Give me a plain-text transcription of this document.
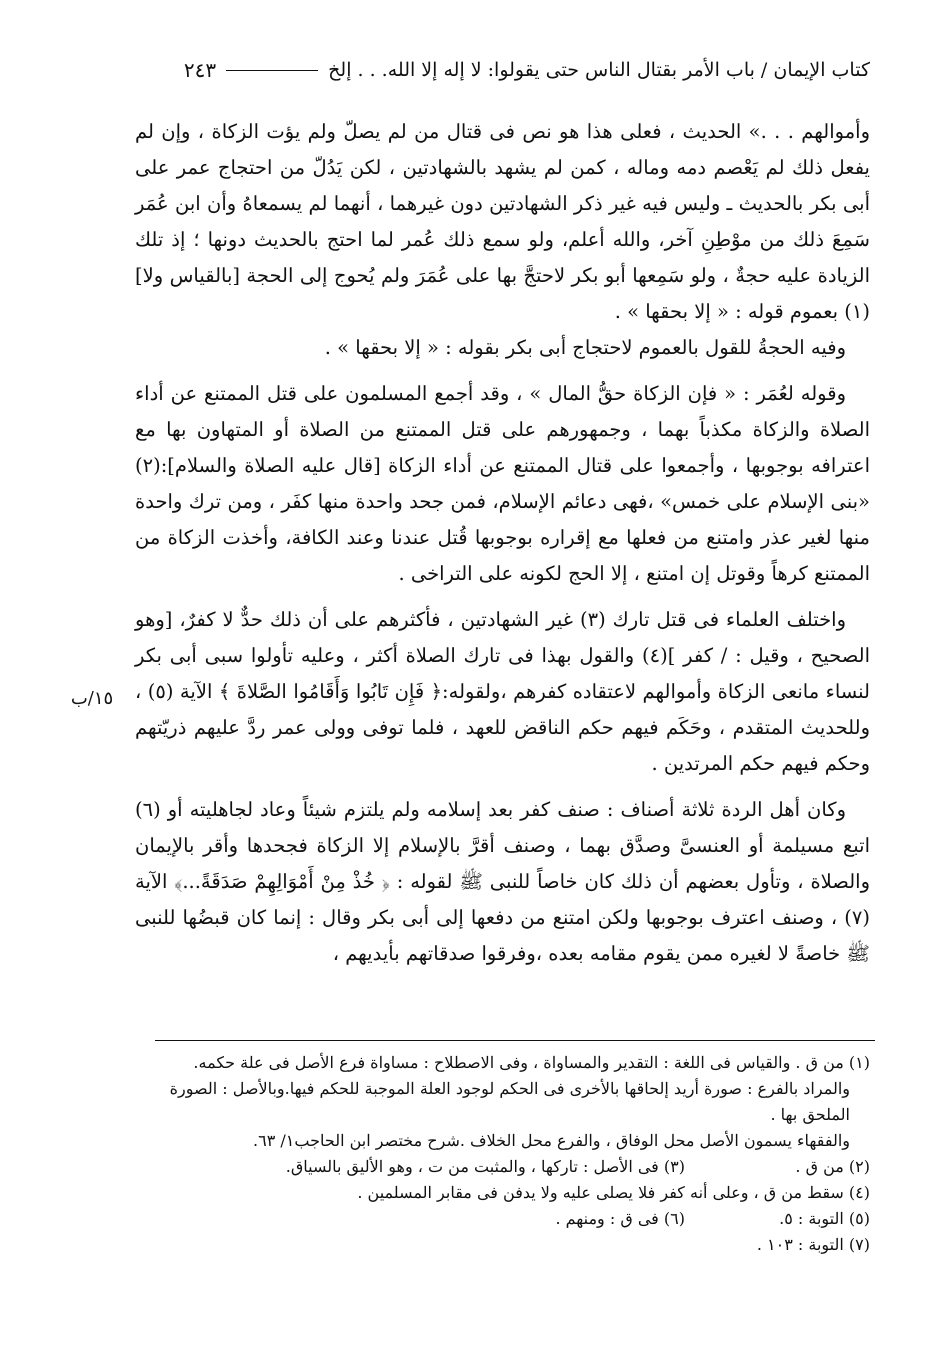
كتاب الإيمان / باب الأمر بقتال الناس حتى يقولوا: لا إله إلا الله. . . إلخ
٢٤٣
١٥/ب

وأموالهم . . .» الحديث ، فعلى هذا هو نص فى قتال من لم يصلّ ولم يؤت الزكاة ، وإن لم يفعل ذلك لم يَعْصم دمه وماله ، كمن لم يشهد بالشهادتين ، لكن يَدُلّ من احتجاج عمر على أبى بكر بالحديث ـ وليس فيه غير ذكر الشهادتين دون غيرهما ، أنهما لم يسمعاهُ وأن ابن عُمَر سَمِعَ ذلك من موْطِنِ آخر، والله أعلم، ولو سمع ذلك عُمر لما احتج بالحديث دونها ؛ إذ تلك الزيادة عليه حجةٌ ، ولو سَمِعها أبو بكر لاحتجَّ بها على عُمَرَ ولم يُحوج إلى الحجة [بالقياس ولا] (١) بعموم قوله : « إلا بحقها » .

وفيه الحجةُ للقول بالعموم لاحتجاج أبى بكر بقوله : « إلا بحقها » .

وقوله لعُمَر : « فإن الزكاة حقُّ المال » ، وقد أجمع المسلمون على قتل الممتنع عن أداء الصلاة والزكاة مكذباً بهما ، وجمهورهم على قتل الممتنع من الصلاة أو المتهاون بها مع اعترافه بوجوبها ، وأجمعوا على قتال الممتنع عن أداء الزكاة [قال عليه الصلاة والسلام]:(٢) «بنى الإسلام على خمس» ،فهى دعائم الإسلام، فمن جحد واحدة منها كفَر ، ومن ترك واحدة منها لغير عذر وامتنع من فعلها مع إقراره بوجوبها قُتل عندنا وعند الكافة، وأخذت الزكاة من الممتنع كرهاً وقوتل إن امتنع ، إلا الحج لكونه على التراخى .

واختلف العلماء فى قتل تارك (٣) غير الشهادتين ، فأكثرهم على أن ذلك حدٌّ لا كفرٌ، [وهو الصحيح ، وقيل : / كفر ](٤) والقول بهذا فى تارك الصلاة أكثر ، وعليه تأولوا سبى أبى بكر لنساء مانعى الزكاة وأموالهم لاعتقاده كفرهم ،ولقوله:﴿ فَإِن تَابُوا وَأَقَامُوا الصَّلاةَ ﴾ الآية (٥) ، وللحديث المتقدم ، وحَكَم فيهم حكم الناقض للعهد ، فلما توفى وولى عمر ردَّ عليهم ذريّتهم وحكم فيهم حكم المرتدين .

وكان أهل الردة ثلاثة أصناف : صنف كفر بعد إسلامه ولم يلتزم شيئاً وعاد لجاهليته أو (٦) اتبع مسيلمة أو العنسىَّ وصدَّق بهما ، وصنف أقرَّ بالإسلام إلا الزكاة فجحدها وأقر بالإيمان والصلاة ، وتأول بعضهم أن ذلك كان خاصاً للنبى ﷺ لقوله : ﴿ خُذْ مِنْ أَمْوَالِهِمْ صَدَقَةً...﴾ الآية (٧) ، وصنف اعترف بوجوبها ولكن امتنع من دفعها إلى أبى بكر وقال : إنما كان قبضُها للنبى ﷺ خاصةً لا لغيره ممن يقوم مقامه بعده ،وفرقوا صدقاتهم بأيديهم ،

(١) من ق . والقياس فى اللغة : التقدير والمساواة ، وفى الاصطلاح : مساواة فرع الأصل فى علة حكمه.

والمراد بالفرع : صورة أريد إلحاقها بالأخرى فى الحكم لوجود العلة الموجبة للحكم فيها.وبالأصل : الصورة الملحق بها .

والفقهاء يسمون الأصل محل الوفاق ، والفرع محل الخلاف .شرح مختصر ابن الحاجب١/ ٦٣.

(٢) من ق .
(٣) فى الأصل : تاركها ، والمثبت من ت ، وهو الأليق بالسياق.

(٤) سقط من ق ، وعلى أنه كفر فلا يصلى عليه ولا يدفن فى مقابر المسلمين .

(٥) التوبة : ٥.
(٦) فى ق : ومنهم .

(٧) التوبة : ١٠٣ .
